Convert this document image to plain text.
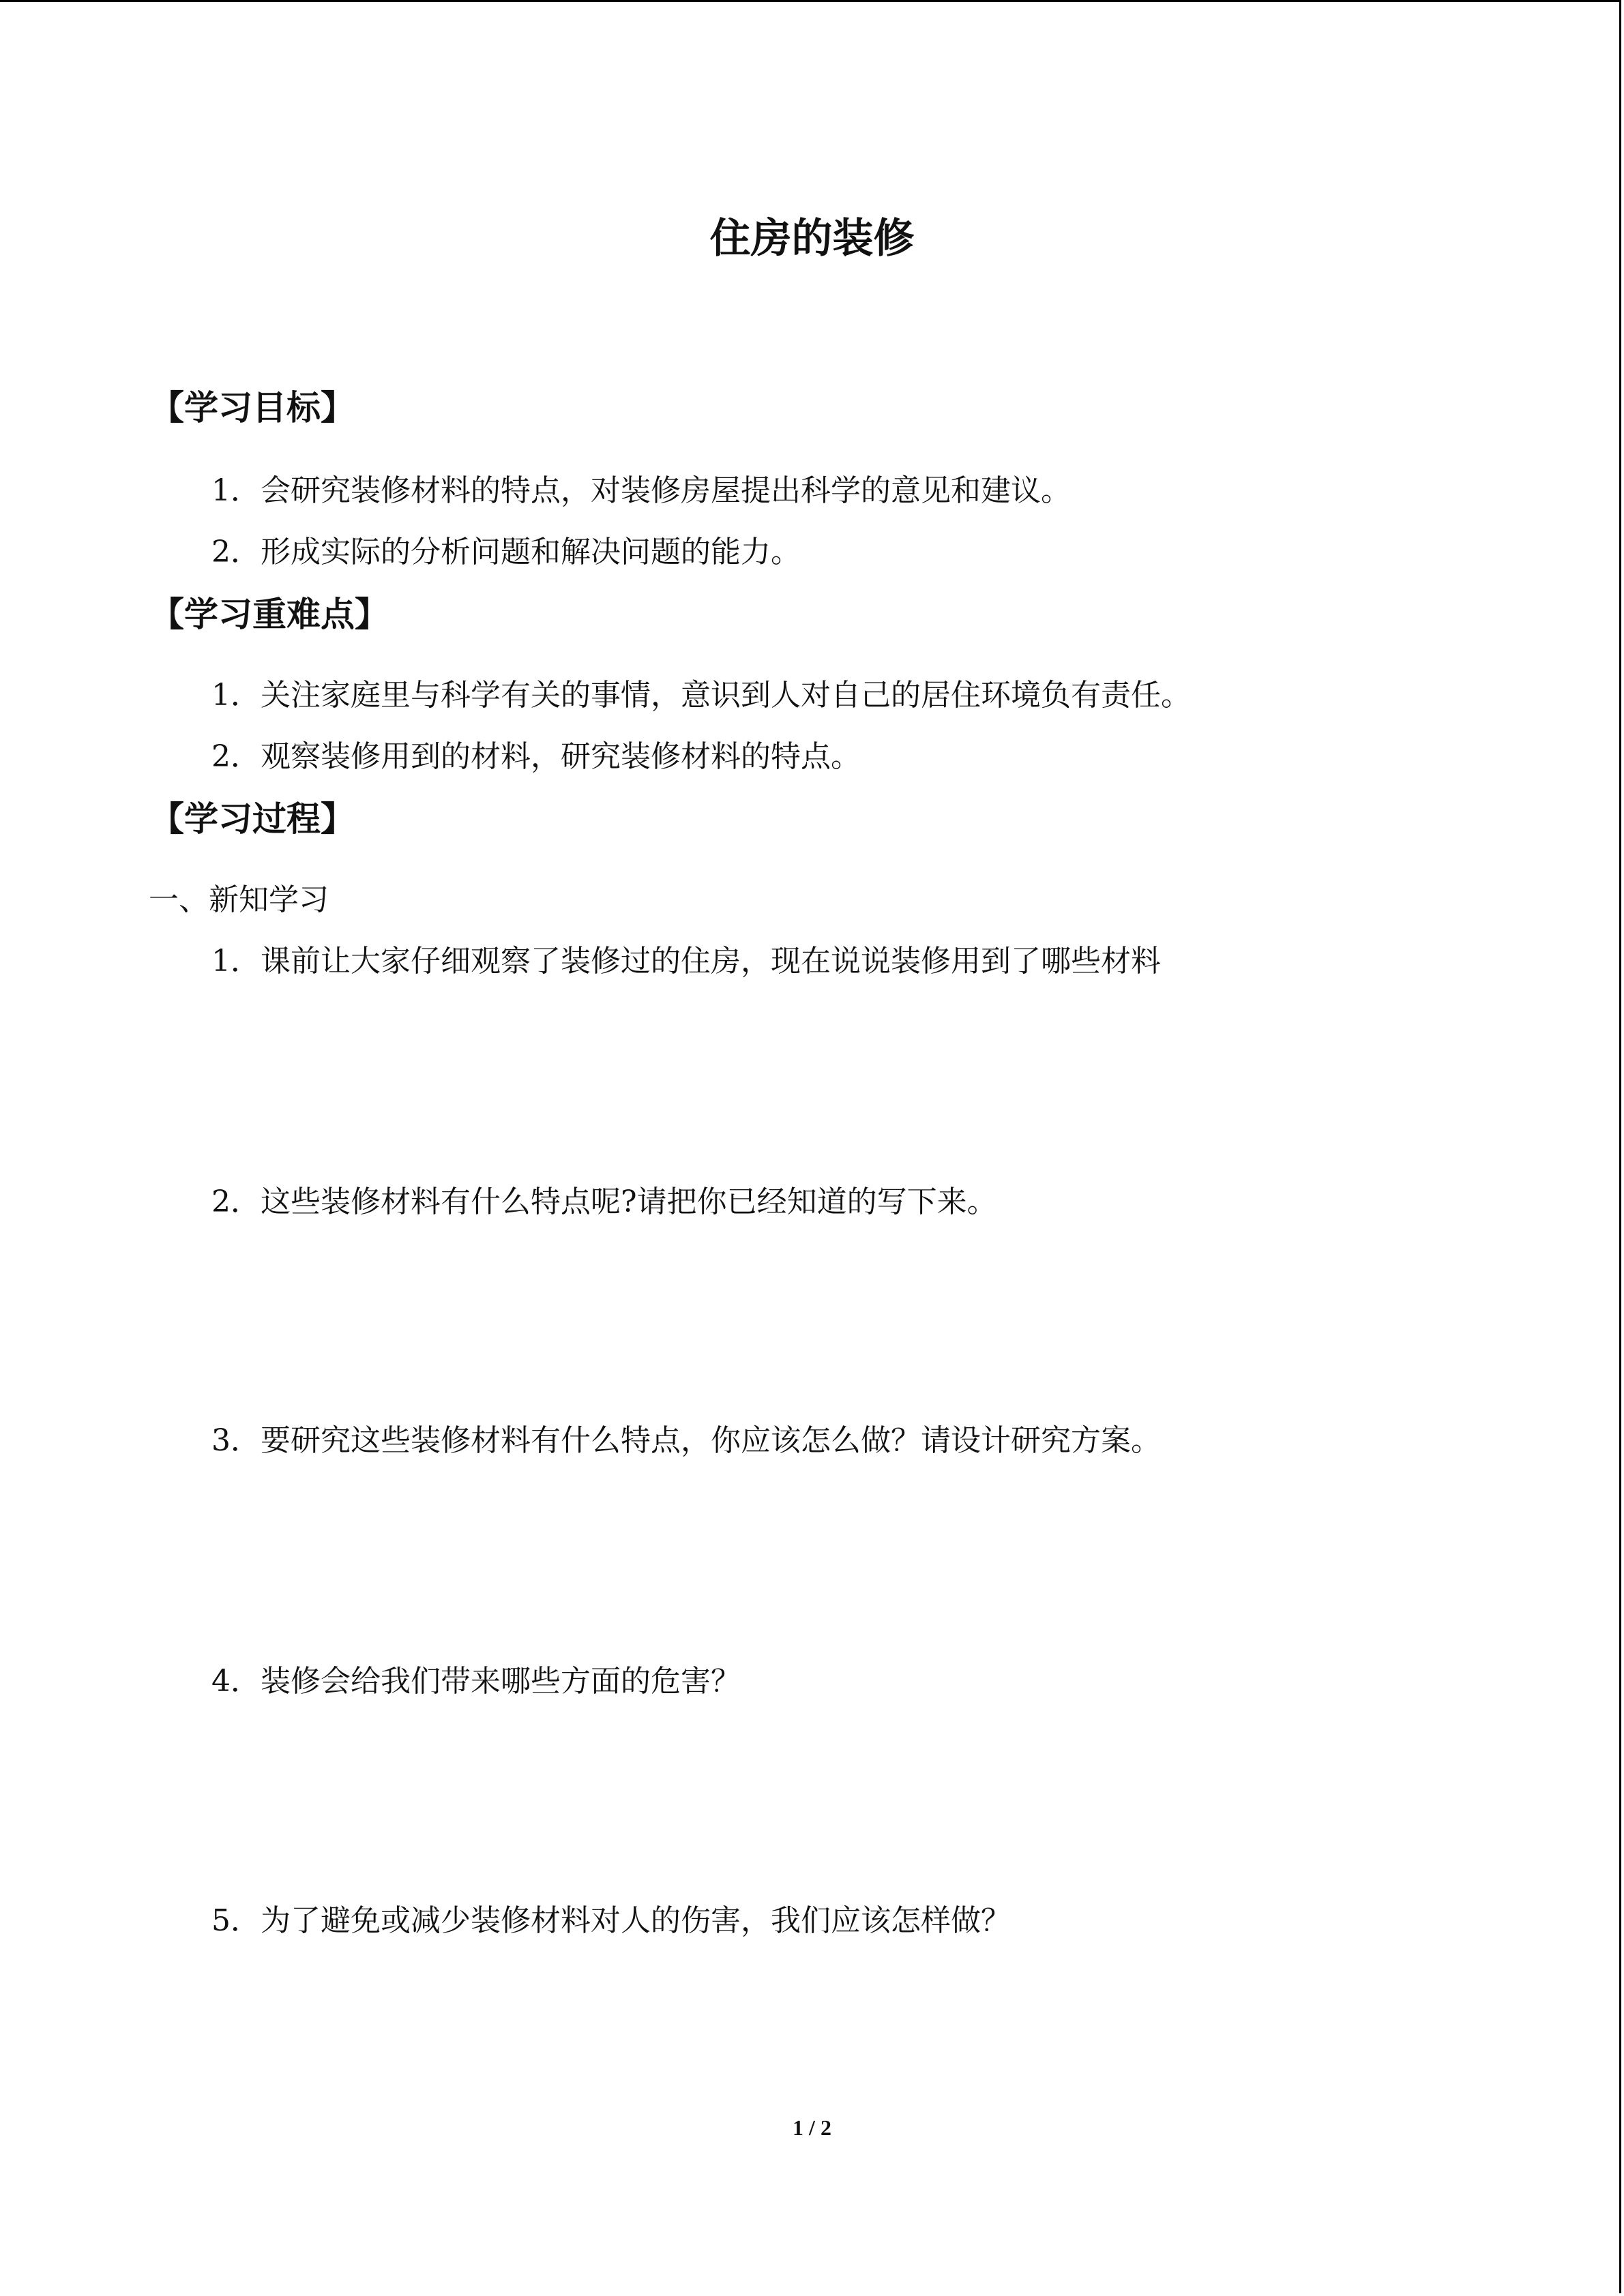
住房的装修
【学习目标】
1．会研究装修材料的特点，对装修房屋提出科学的意见和建议。
2．形成实际的分析问题和解决问题的能力。
【学习重难点】
1．关注家庭里与科学有关的事情，意识到人对自己的居住环境负有责任。
2．观察装修用到的材料，研究装修材料的特点。
【学习过程】
一、新知学习
1．课前让大家仔细观察了装修过的住房，现在说说装修用到了哪些材料
2．这些装修材料有什么特点呢?请把你已经知道的写下来。
3．要研究这些装修材料有什么特点，你应该怎么做？请设计研究方案。
4．装修会给我们带来哪些方面的危害？
5．为了避免或减少装修材料对人的伤害，我们应该怎样做？
1 / 2
